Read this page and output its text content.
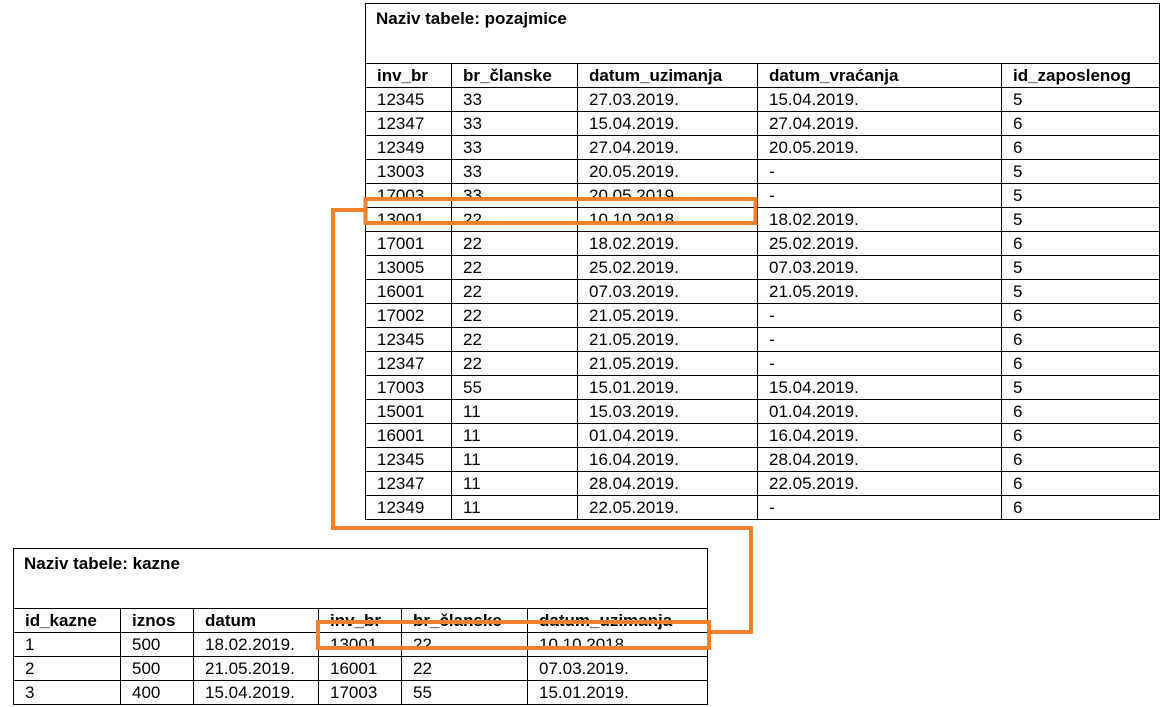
Naziv tabele: pozajmice				
inv_br	br_članske	datum_uzimanja	datum_vraćanja	id_zaposlenog
12345	33	27.03.2019.	15.04.2019.	5
12347	33	15.04.2019.	27.04.2019.	6
12349	33	27.04.2019.	20.05.2019.	6
13003	33	20.05.2019.	-	5
17003	33	20.05.2019.	-	5
13001	22	10.10.2018.	18.02.2019.	5
17001	22	18.02.2019.	25.02.2019.	6
13005	22	25.02.2019.	07.03.2019.	5
16001	22	07.03.2019.	21.05.2019.	5
17002	22	21.05.2019.	-	6
12345	22	21.05.2019.	-	6
12347	22	21.05.2019.	-	6
17003	55	15.01.2019.	15.04.2019.	5
15001	11	15.03.2019.	01.04.2019.	6
16001	11	01.04.2019.	16.04.2019.	6
12345	11	16.04.2019.	28.04.2019.	6
12347	11	28.04.2019.	22.05.2019.	6
12349	11	22.05.2019.	-	6
Naziv tabele: kazne					
id_kazne	iznos	datum	inv_br	br_članske	datum_uzimanja
1	500	18.02.2019.	13001	22	10.10.2018.
2	500	21.05.2019.	16001	22	07.03.2019.
3	400	15.04.2019.	17003	55	15.01.2019.
